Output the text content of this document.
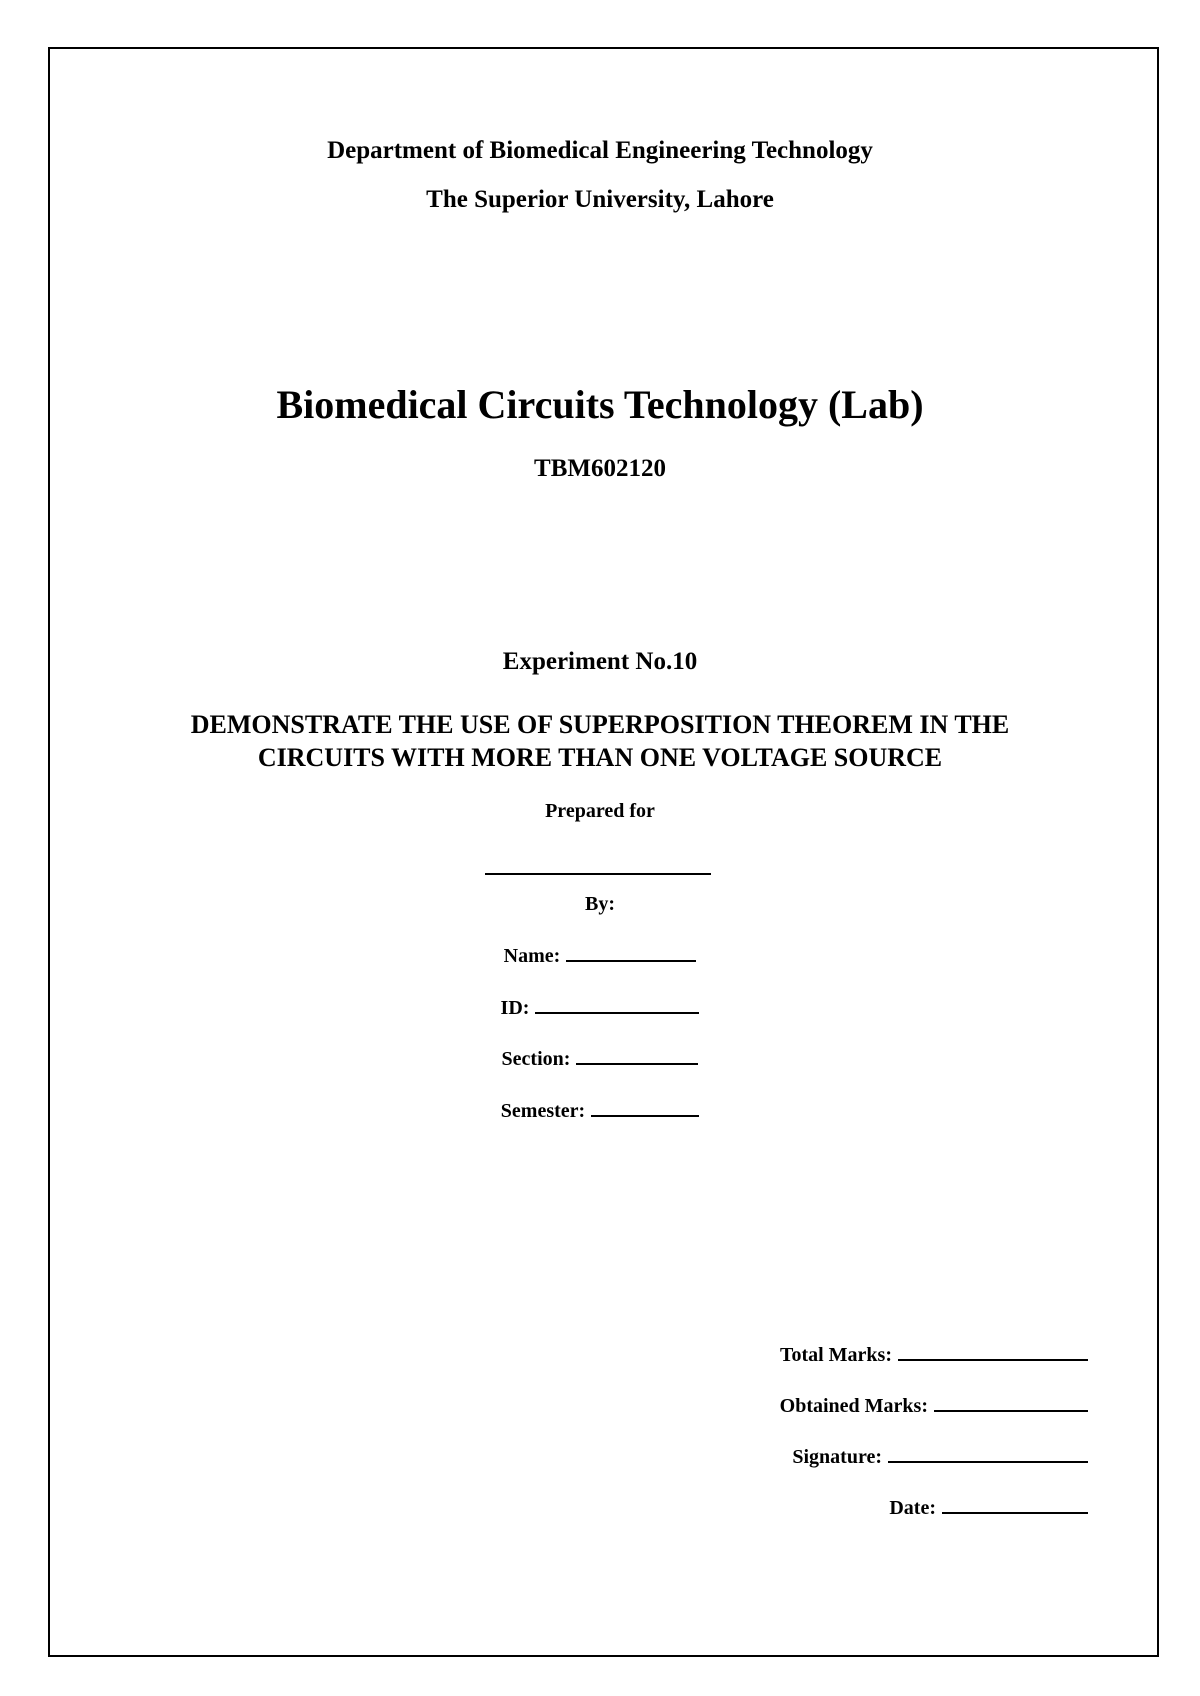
Department of Biomedical Engineering Technology
The Superior University, Lahore
Biomedical Circuits Technology (Lab)
TBM602120
Experiment No.10
DEMONSTRATE THE USE OF SUPERPOSITION THEOREM IN THE CIRCUITS WITH MORE THAN ONE VOLTAGE SOURCE
Prepared for
By:
Name:
ID:
Section:
Semester:
Total Marks:
Obtained Marks:
Signature:
Date:
